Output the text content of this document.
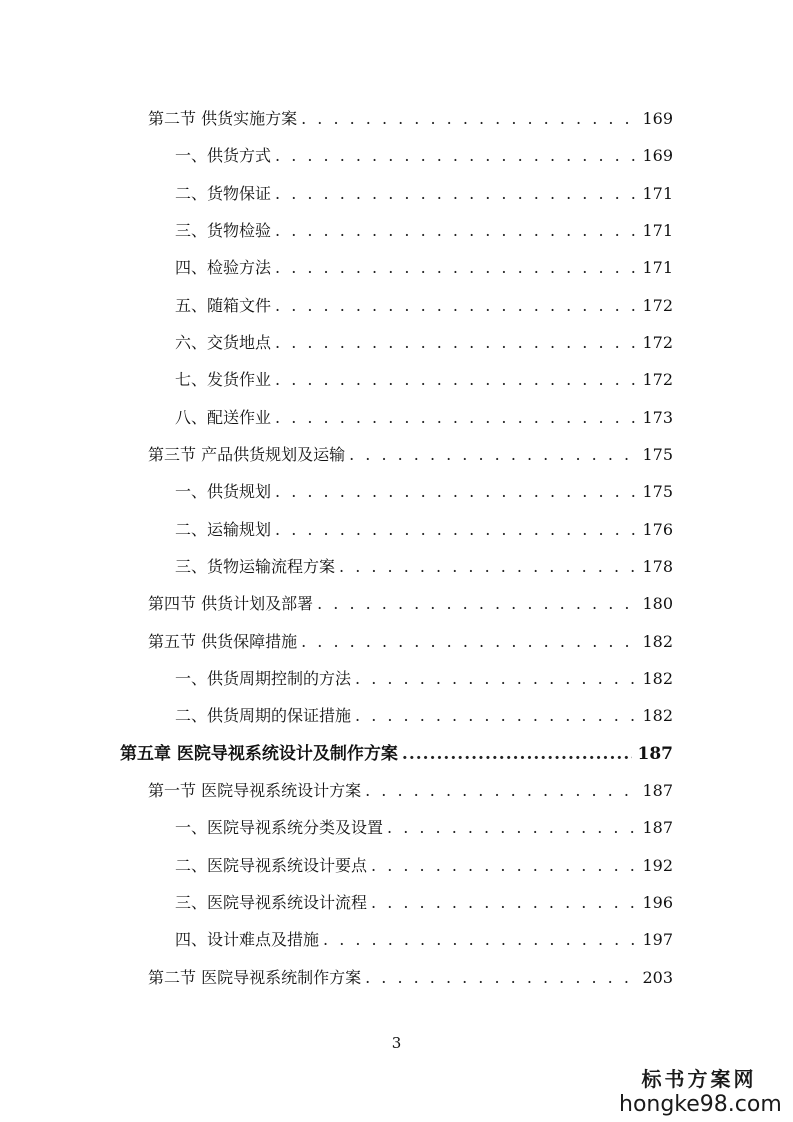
第二节 供货实施方案 . . .	169
一、供货方式 . . .	169
二、货物保证 . . .	171
三、货物检验 . . .	171
四、检验方法 . . .	171
五、随箱文件 . . .	172
六、交货地点 . . .	172
七、发货作业 . . .	172
八、配送作业 . . .	173
第三节 产品供货规划及运输 . . .	175
一、供货规划 . . .	175
二、运输规划 . . .	176
三、货物运输流程方案 . . .	178
第四节 供货计划及部署 . . .	180
第五节 供货保障措施 . . .	182
一、供货周期控制的方法 . . .	182
二、供货周期的保证措施 . . .	182
第五章 医院导视系统设计及制作方案 .....	187
第一节 医院导视系统设计方案 . . .	187
一、医院导视系统分类及设置 . . .	187
二、医院导视系统设计要点 . . .	192
三、医院导视系统设计流程 . . .	196
四、设计难点及措施 . . .	197
第二节 医院导视系统制作方案 . . .	203
3
标书方案网
hongke98.com
